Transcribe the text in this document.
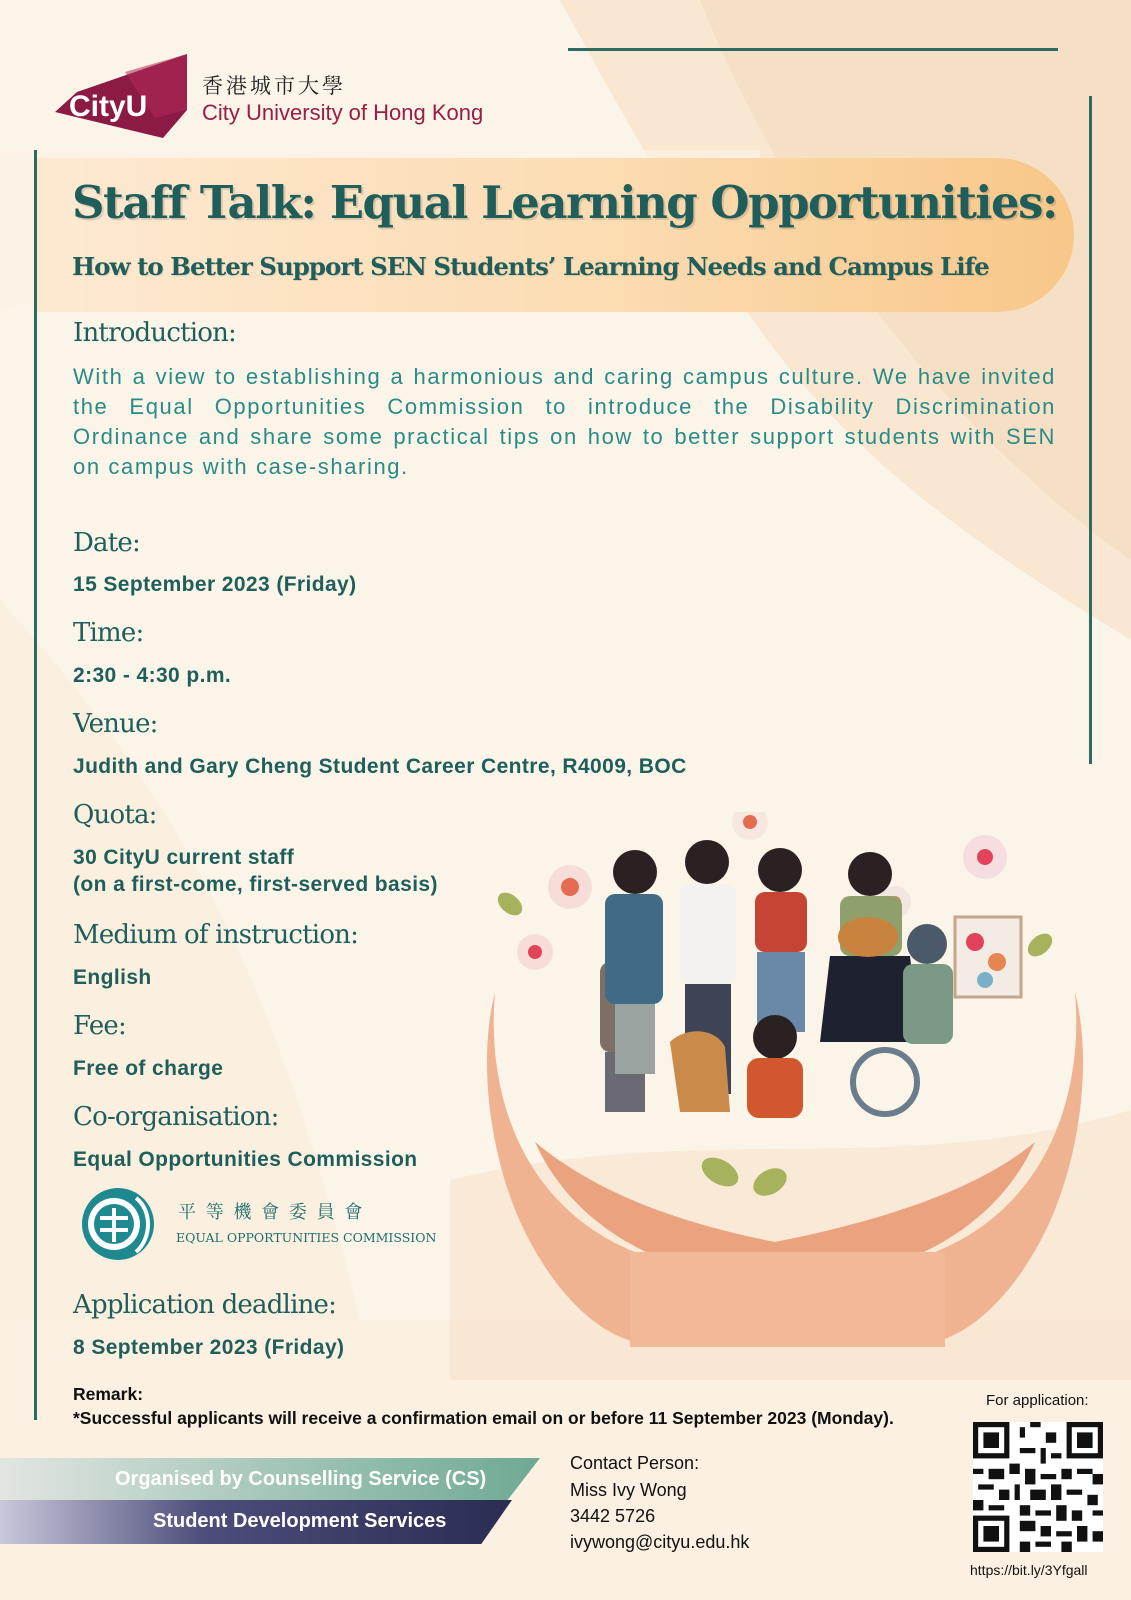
CityU
香港城市大學
City University of Hong Kong
Staff Talk: Equal Learning Opportunities:
How to Better Support SEN Students’ Learning Needs and Campus Life
Introduction:
With a view to establishing a harmonious and caring campus culture. We have invited the Equal Opportunities Commission to introduce the Disability Discrimination Ordinance and share some practical tips on how to better support students with SEN on campus with case-sharing.
Date:
15 September 2023 (Friday)
Time:
2:30 - 4:30 p.m.
Venue:
Judith and Gary Cheng Student Career Centre, R4009, BOC
Quota:
30 CityU current staff
(on a first-come, first-served basis)
Medium of instruction:
English
Fee:
Free of charge
Co-organisation:
Equal Opportunities Commission
平 等 機 會 委 員 會
EQUAL OPPORTUNITIES COMMISSION
Application deadline:
8 September 2023 (Friday)
Remark:
*Successful applicants will receive a confirmation email on or before 11 September 2023 (Monday).
Organised by Counselling Service (CS)
Student Development Services
Contact Person:
Miss Ivy Wong
3442 5726
ivywong@cityu.edu.hk
For application:
https://bit.ly/3Yfgall
